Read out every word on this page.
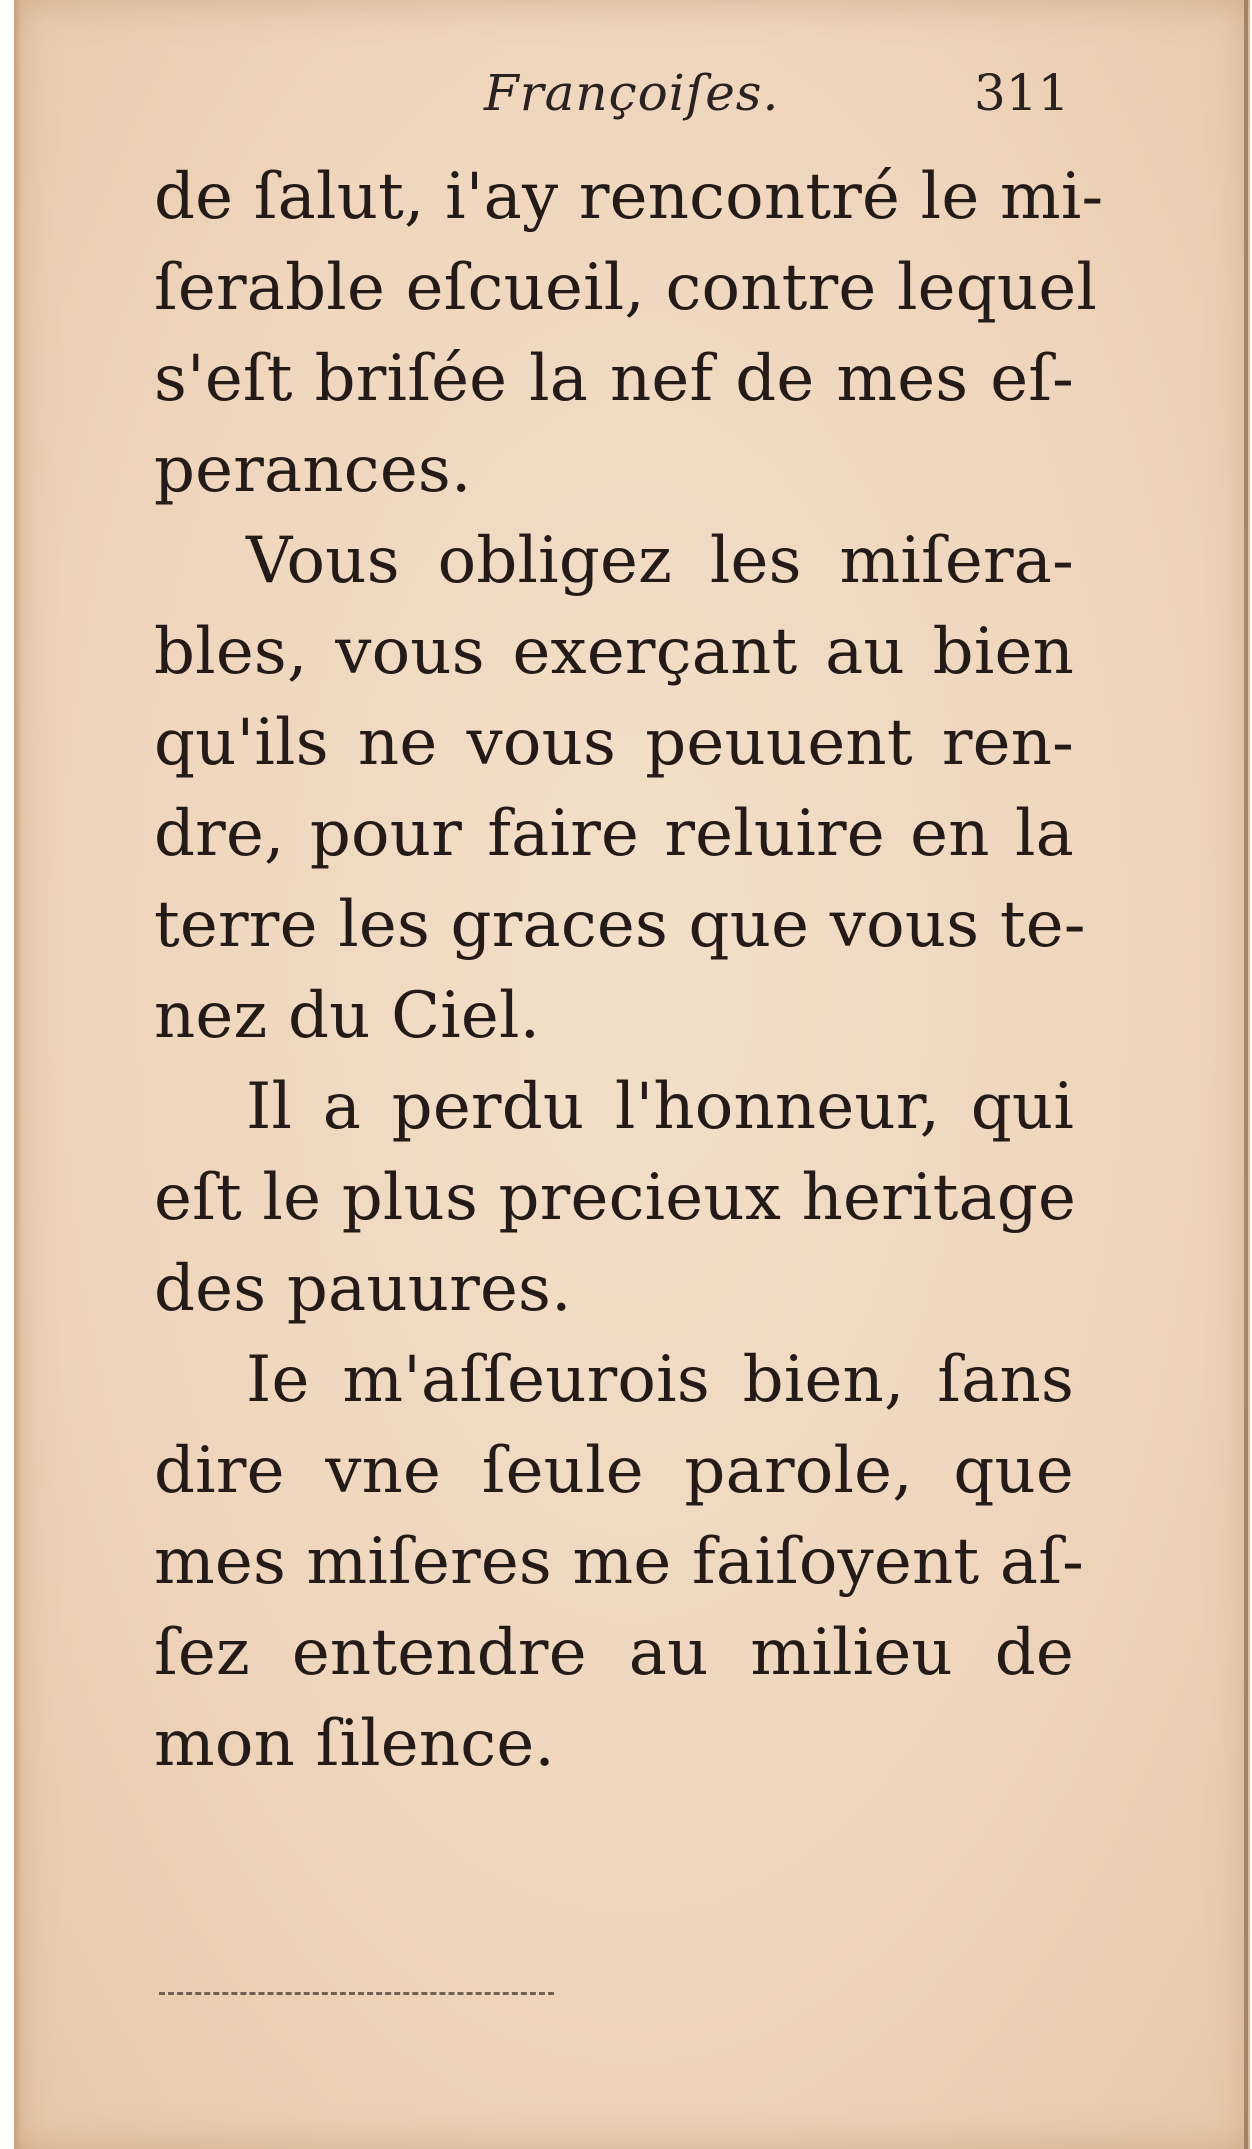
Françoiſes.	311
de ſalut, i'ay rencontré le mi-
ſerable eſcueil, contre lequel
s'eſt briſée la nef de mes eſ-
perances.
Vous obligez les miſera-
bles, vous exerçant au bien
qu'ils ne vous peuuent ren-
dre, pour faire reluire en la
terre les graces que vous te-
nez du Ciel.
Il a perdu l'honneur, qui
eſt le plus precieux heritage
des pauures.
Ie m'aſſeurois bien, ſans
dire vne ſeule parole, que
mes miſeres me faiſoyent aſ-
ſez entendre au milieu de
mon ſilence.
